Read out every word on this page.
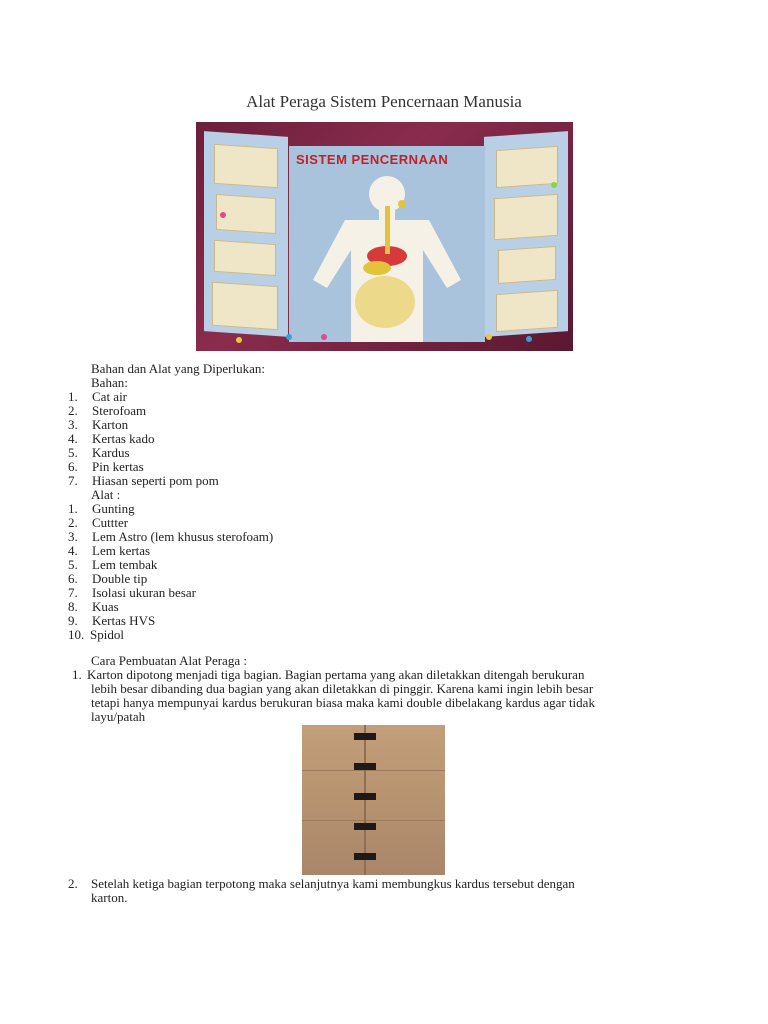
Alat Peraga Sistem Pencernaan Manusia
SISTEM PENCERNAAN
Bahan dan Alat yang Diperlukan:
Bahan:
1. Cat air
2. Sterofoam
3. Karton
4. Kertas kado
5. Kardus
6. Pin kertas
7. Hiasan seperti pom pom
Alat :
1. Gunting
2. Cuttter
3. Lem Astro (lem khusus sterofoam)
4. Lem kertas
5. Lem tembak
6. Double tip
7. Isolasi ukuran besar
8. Kuas
9. Kertas HVS
10. Spidol
Cara Pembuatan Alat Peraga :
1. Karton dipotong menjadi tiga bagian. Bagian pertama yang akan diletakkan ditengah berukuran
lebih besar dibanding dua bagian yang akan diletakkan di pinggir. Karena kami ingin lebih besar
tetapi hanya mempunyai kardus berukuran biasa maka kami double dibelakang kardus agar tidak
layu/patah
2. Setelah ketiga bagian terpotong maka selanjutnya kami membungkus kardus tersebut dengan
karton.
